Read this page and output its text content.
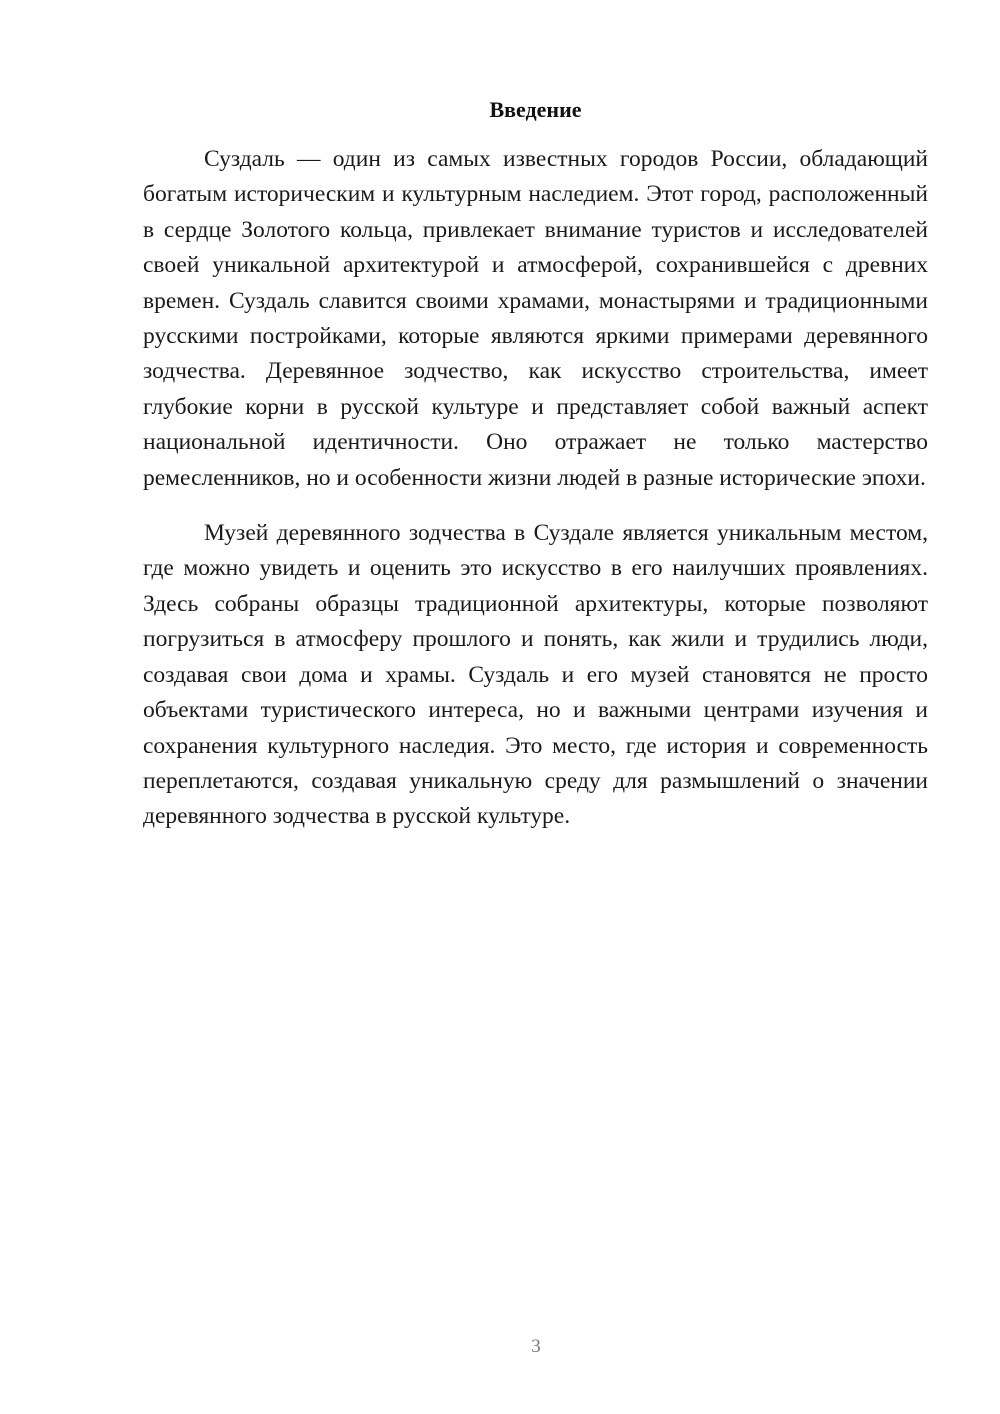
Введение

Суздаль — один из самых известных городов России, обладающий богатым историческим и культурным наследием. Этот город, расположенный в сердце Золотого кольца, привлекает внимание туристов и исследователей своей уникальной архитектурой и атмосферой, сохранившейся с древних времен. Суздаль славится своими храмами, монастырями и традиционными русскими постройками, которые являются яркими примерами деревянного зодчества. Деревянное зодчество, как искусство строительства, имеет глубокие корни в русской культуре и представляет собой важный аспект национальной идентичности. Оно отражает не только мастерство ремесленников, но и особенности жизни людей в разные исторические эпохи.

Музей деревянного зодчества в Суздале является уникальным местом, где можно увидеть и оценить это искусство в его наилучших проявлениях. Здесь собраны образцы традиционной архитектуры, которые позволяют погрузиться в атмосферу прошлого и понять, как жили и трудились люди, создавая свои дома и храмы. Суздаль и его музей становятся не просто объектами туристического интереса, но и важными центрами изучения и сохранения культурного наследия. Это место, где история и современность переплетаются, создавая уникальную среду для размышлений о значении деревянного зодчества в русской культуре.

3
